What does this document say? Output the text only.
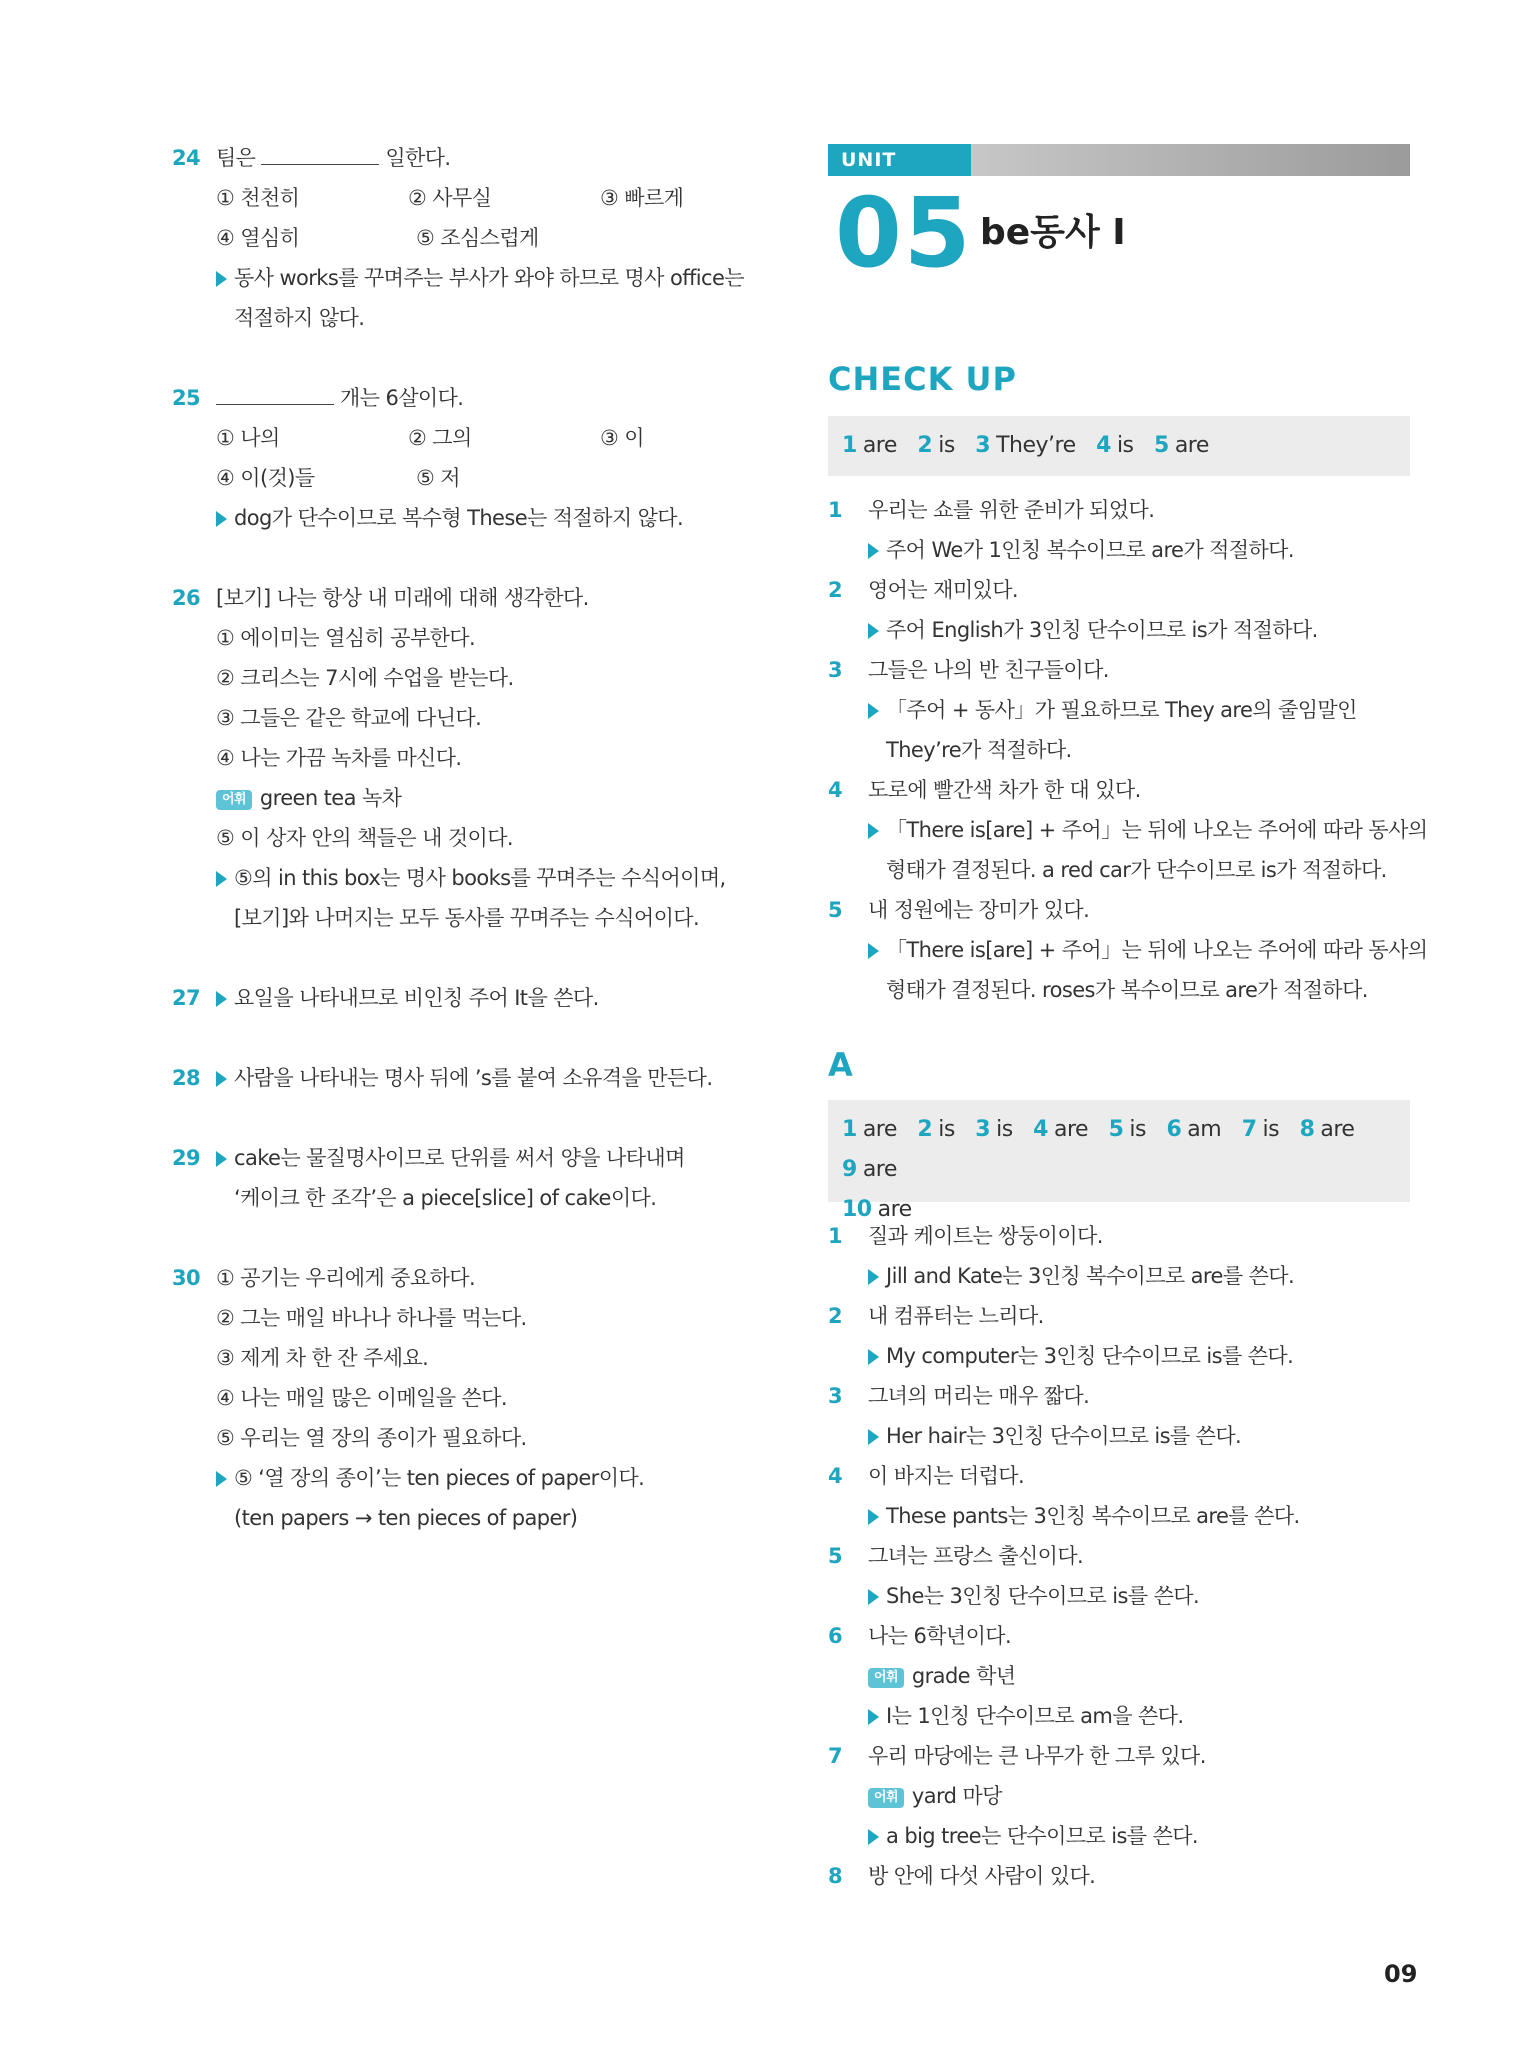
24 팀은	일한다.
① 천천히	② 사무실	③ 빠르게
④ 열심히	⑤ 조심스럽게
동사 works를 꾸며주는 부사가 와야 하므로 명사 office는
적절하지 않다.
25	개는 6살이다.
① 나의	② 그의	③ 이
④ 이(것)들	⑤ 저
dog가 단수이므로 복수형 These는 적절하지 않다.
26 [보기] 나는 항상 내 미래에 대해 생각한다.
① 에이미는 열심히 공부한다.
② 크리스는 7시에 수업을 받는다.
③ 그들은 같은 학교에 다닌다.
④ 나는 가끔 녹차를 마신다.
어휘 green tea 녹차
⑤ 이 상자 안의 책들은 내 것이다.
⑤의 in this box는 명사 books를 꾸며주는 수식어이며,
[보기]와 나머지는 모두 동사를 꾸며주는 수식어이다.
27 요일을 나타내므로 비인칭 주어 It을 쓴다.
28 사람을 나타내는 명사 뒤에 ’s를 붙여 소유격을 만든다.
29 cake는 물질명사이므로 단위를 써서 양을 나타내며
‘케이크 한 조각’은 a piece[slice] of cake이다.
30 ① 공기는 우리에게 중요하다.
② 그는 매일 바나나 하나를 먹는다.
③ 제게 차 한 잔 주세요.
④ 나는 매일 많은 이메일을 쓴다.
⑤ 우리는 열 장의 종이가 필요하다.
⑤ ‘열 장의 종이’는 ten pieces of paper이다.
(ten papers → ten pieces of paper)
UNIT
05 be동사 I
CHECK UP
1 are 2 is 3 They’re 4 is 5 are
1 우리는 쇼를 위한 준비가 되었다.
주어 We가 1인칭 복수이므로 are가 적절하다.
2 영어는 재미있다.
주어 English가 3인칭 단수이므로 is가 적절하다.
3 그들은 나의 반 친구들이다.
「주어 + 동사」가 필요하므로 They are의 줄임말인
They’re가 적절하다.
4 도로에 빨간색 차가 한 대 있다.
「There is[are] + 주어」는 뒤에 나오는 주어에 따라 동사의
형태가 결정된다. a red car가 단수이므로 is가 적절하다.
5 내 정원에는 장미가 있다.
「There is[are] + 주어」는 뒤에 나오는 주어에 따라 동사의
형태가 결정된다. roses가 복수이므로 are가 적절하다.
A
1 are 2 is 3 is 4 are 5 is 6 am 7 is 8 are 9 are
10 are
1 질과 케이트는 쌍둥이이다.
Jill and Kate는 3인칭 복수이므로 are를 쓴다.
2 내 컴퓨터는 느리다.
My computer는 3인칭 단수이므로 is를 쓴다.
3 그녀의 머리는 매우 짧다.
Her hair는 3인칭 단수이므로 is를 쓴다.
4 이 바지는 더럽다.
These pants는 3인칭 복수이므로 are를 쓴다.
5 그녀는 프랑스 출신이다.
She는 3인칭 단수이므로 is를 쓴다.
6 나는 6학년이다.
어휘 grade 학년
I는 1인칭 단수이므로 am을 쓴다.
7 우리 마당에는 큰 나무가 한 그루 있다.
어휘 yard 마당
a big tree는 단수이므로 is를 쓴다.
8 방 안에 다섯 사람이 있다.
09
